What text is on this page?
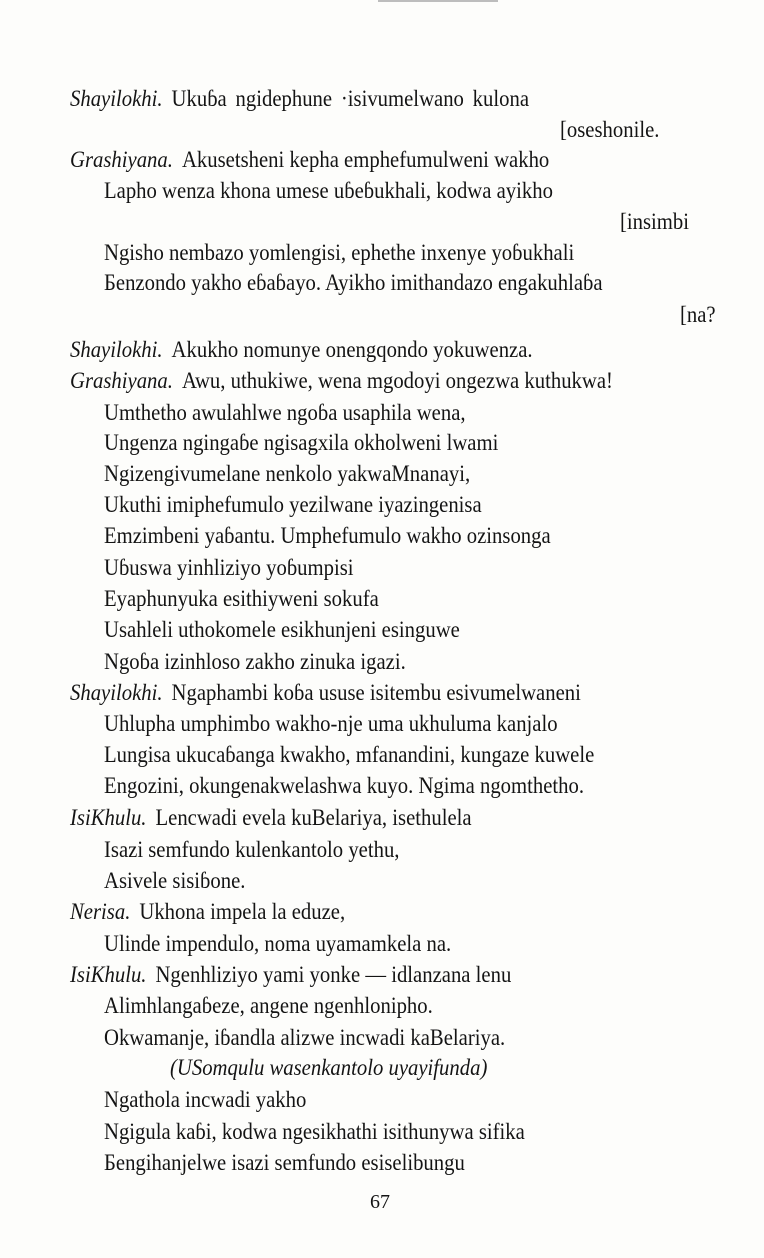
Shayilokhi. Ukuɓa ngidephune ·isivumelwano kulona
[oseshonile.
Grashiyana. Akusetsheni kepha emphefumulweni wakho
Lapho wenza khona umese uɓeɓukhali, kodwa ayikho
[insimbi
Ngisho nembazo yomlengisi, ephethe inxenye yoɓukhali
Ƃenzondo yakho eɓaɓayo. Ayikho imithandazo engakuhlaɓa
[na?
Shayilokhi. Akukho nomunye onengqondo yokuwenza.
Grashiyana. Awu, uthukiwe, wena mgodoyi ongezwa kuthukwa!
Umthetho awulahlwe ngoɓa usaphila wena,
Ungenza ngingaɓe ngisagxila okholweni lwami
Ngizengivumelane nenkolo yakwaMnanayi,
Ukuthi imiphefumulo yezilwane iyazingenisa
Emzimbeni yaɓantu. Umphefumulo wakho ozinsonga
Uɓuswa yinhliziyo yoɓumpisi
Eyaphunyuka esithiyweni sokufa
Usahleli uthokomele esikhunjeni esinguwe
Ngoɓa izinhloso zakho zinuka igazi.
Shayilokhi. Ngaphambi koɓa ususe isitembu esivumelwaneni
Uhlupha umphimbo wakho-nje uma ukhuluma kanjalo
Lungisa ukucaɓanga kwakho, mfanandini, kungaze kuwele
Engozini, okungenakwelashwa kuyo. Ngima ngomthetho.
IsiKhulu. Lencwadi evela kuBelariya, isethulela
Isazi semfundo kulenkantolo yethu,
Asivele sisiɓone.
Nerisa. Ukhona impela la eduze,
Ulinde impendulo, noma uyamamkela na.
IsiKhulu. Ngenhliziyo yami yonke — idlanzana lenu
Alimhlangaɓeze, angene ngenhlonipho.
Okwamanje, iɓandla alizwe incwadi kaBelariya.
(USomqulu wasenkantolo uyayifunda)
Ngathola incwadi yakho
Ngigula kaɓi, kodwa ngesikhathi isithunywa sifika
Ƃengihanjelwe isazi semfundo esiselibungu
67
